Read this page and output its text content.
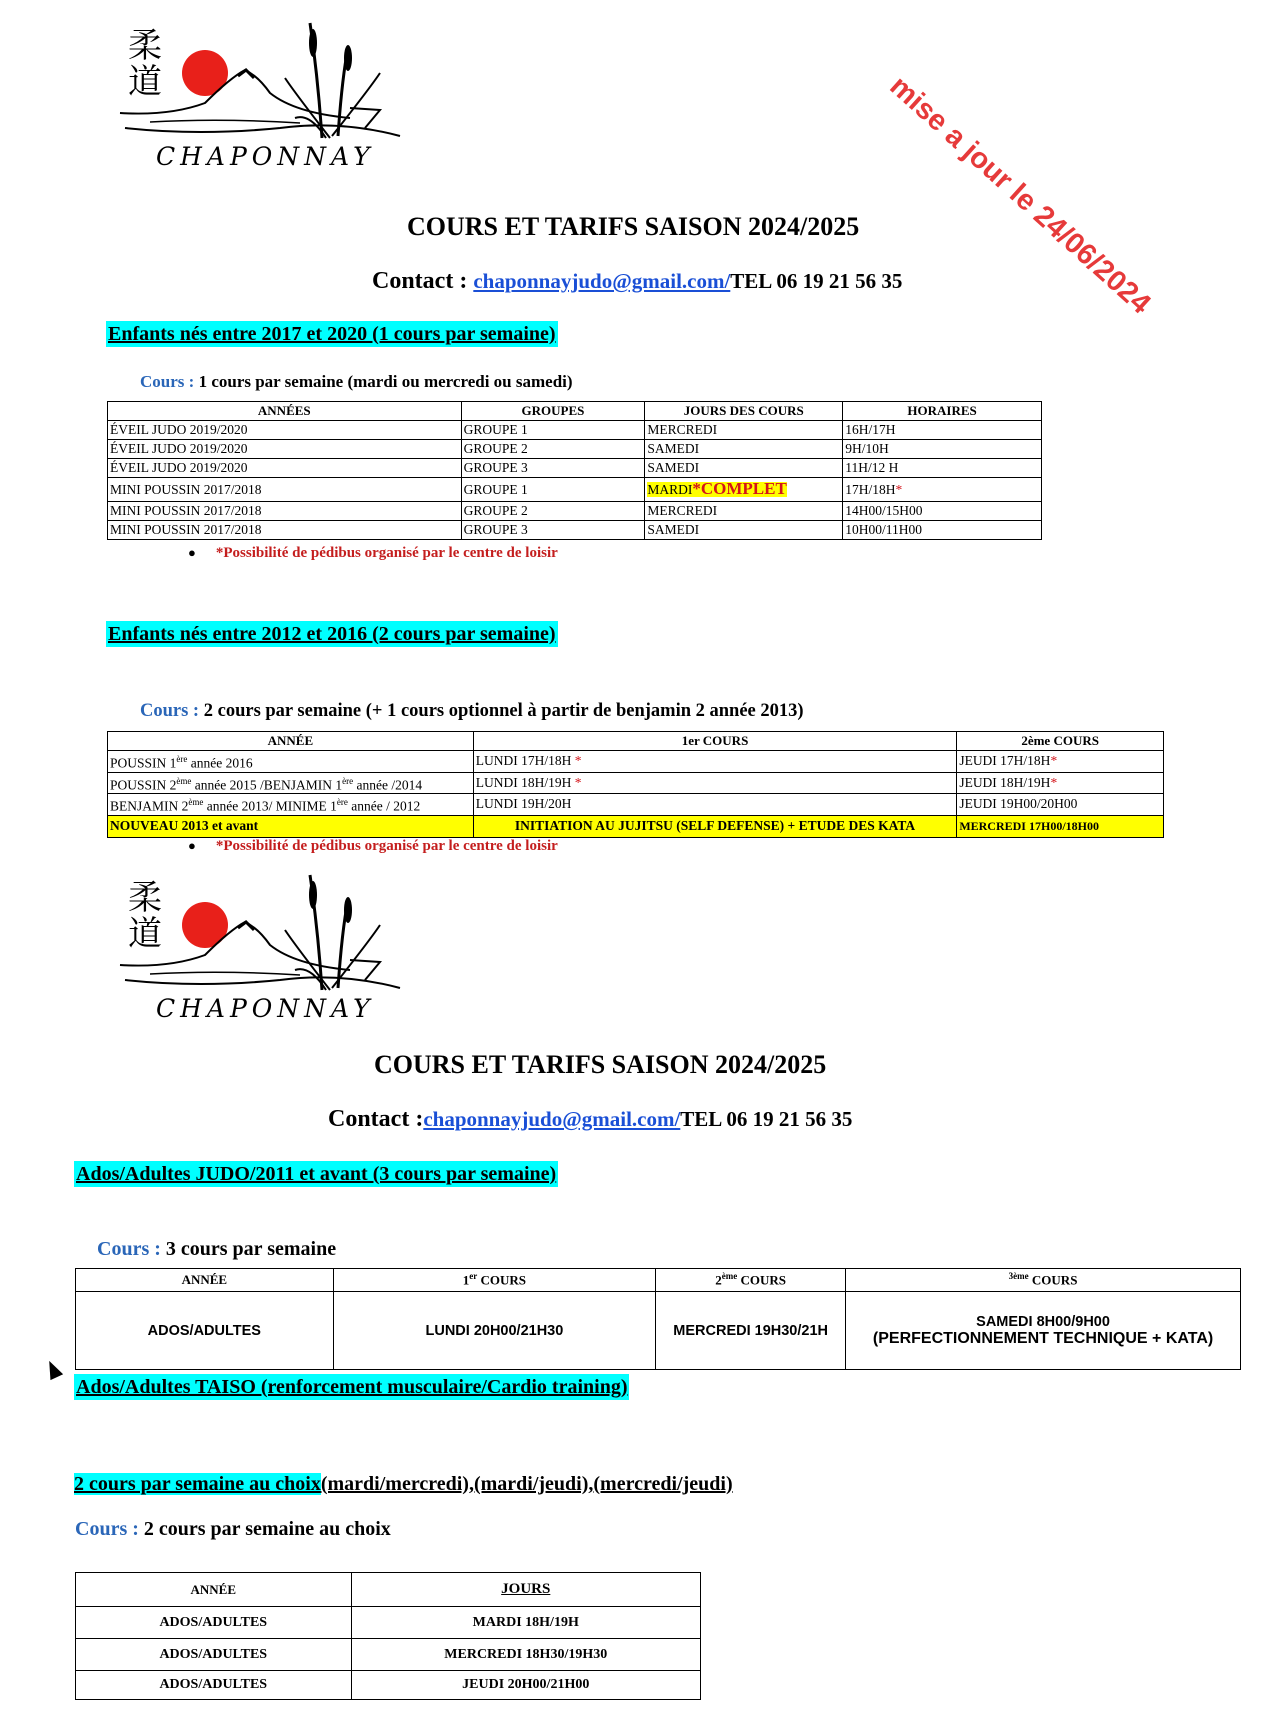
柔
道
CHAPONNAY	mise a jour le 24/06/2024
COURS ET TARIFS SAISON 2024/2025
Contact : chaponnayjudo@gmail.com/TEL 06 19 21 56 35
Enfants nés entre 2017 et 2020 (1 cours par semaine)
Cours : 1 cours par semaine (mardi ou mercredi ou samedi)
ANNÉES	GROUPES	JOURS DES COURS	HORAIRES
ÉVEIL JUDO 2019/2020	GROUPE 1	MERCREDI	16H/17H
ÉVEIL JUDO 2019/2020	GROUPE 2	SAMEDI	9H/10H
ÉVEIL JUDO 2019/2020	GROUPE 3	SAMEDI	11H/12 H
MINI POUSSIN 2017/2018	GROUPE 1	MARDI*COMPLET	17H/18H*
MINI POUSSIN 2017/2018	GROUPE 2	MERCREDI	14H00/15H00
MINI POUSSIN 2017/2018	GROUPE 3	SAMEDI	10H00/11H00
● *Possibilité de pédibus organisé par le centre de loisir
Enfants nés entre 2012 et 2016 (2 cours par semaine)
Cours : 2 cours par semaine (+ 1 cours optionnel à partir de benjamin 2 année 2013)
ANNÉE	1er COURS	2ème COURS
POUSSIN 1ère année 2016	LUNDI 17H/18H *	JEUDI 17H/18H*
POUSSIN 2ème année 2015 /BENJAMIN 1ère année /2014	LUNDI 18H/19H *	JEUDI 18H/19H*
BENJAMIN 2ème année 2013/ MINIME 1ère année / 2012	LUNDI 19H/20H	JEUDI 19H00/20H00
NOUVEAU 2013 et avant	INITIATION AU JUJITSU (SELF DEFENSE) + ETUDE DES KATA	MERCREDI 17H00/18H00
● *Possibilité de pédibus organisé par le centre de loisir
柔
道
CHAPONNAY
COURS ET TARIFS SAISON 2024/2025
Contact :chaponnayjudo@gmail.com/TEL 06 19 21 56 35
Ados/Adultes JUDO/2011 et avant (3 cours par semaine)
Cours : 3 cours par semaine
ANNÉE	1er COURS	2ème COURS	$^{3ème}$ COURS
ADOS/ADULTES	LUNDI 20H00/21H30	MERCREDI 19H30/21H	SAMEDI 8H00/9H00
(PERFECTIONNEMENT TECHNIQUE + KATA)
Ados/Adultes TAISO (renforcement musculaire/Cardio training)
2 cours par semaine au choix(mardi/mercredi),(mardi/jeudi),(mercredi/jeudi)
Cours : 2 cours par semaine au choix
ANNÉE	JOURS
ADOS/ADULTES	MARDI 18H/19H
ADOS/ADULTES	MERCREDI 18H30/19H30
ADOS/ADULTES	JEUDI 20H00/21H00
